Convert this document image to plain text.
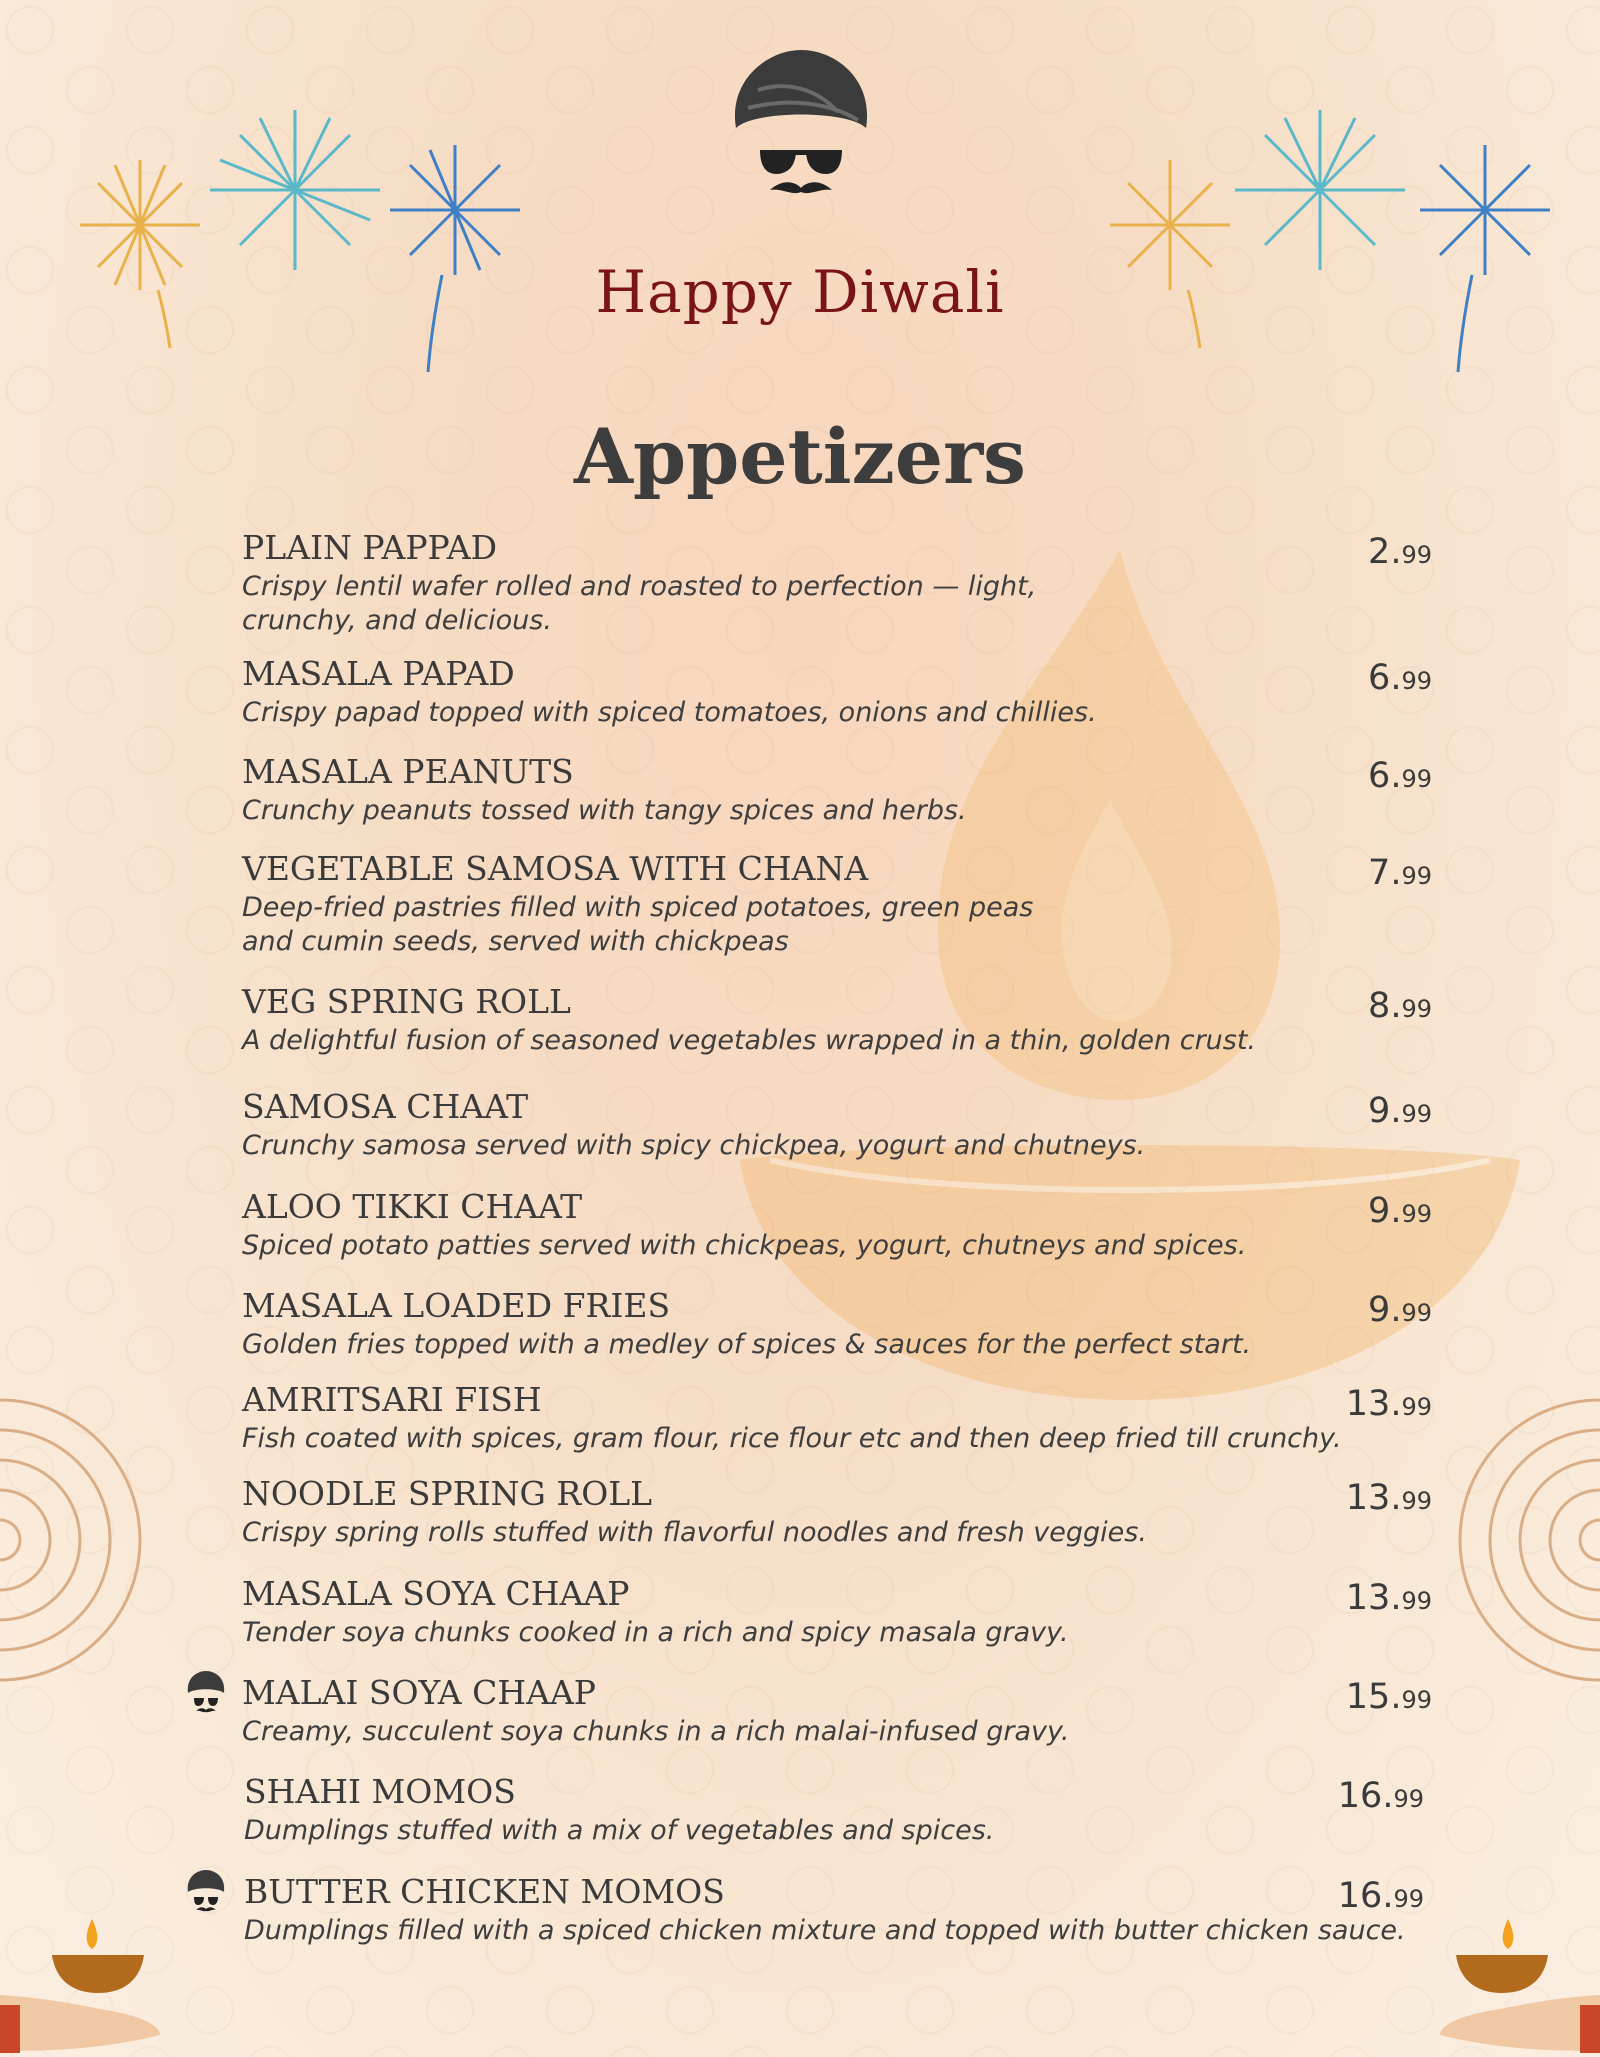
Happy Diwali
Appetizers
PLAIN PAPPAD
Crispy lentil wafer rolled and roasted to perfection — light,
crunchy, and delicious.
2.99
MASALA PAPAD
Crispy papad topped with spiced tomatoes, onions and chillies.
6.99
MASALA PEANUTS
Crunchy peanuts tossed with tangy spices and herbs.
6.99
VEGETABLE SAMOSA WITH CHANA
Deep-fried pastries filled with spiced potatoes, green peas
and cumin seeds, served with chickpeas
7.99
VEG SPRING ROLL
A delightful fusion of seasoned vegetables wrapped in a thin, golden crust.
8.99
SAMOSA CHAAT
Crunchy samosa served with spicy chickpea, yogurt and chutneys.
9.99
ALOO TIKKI CHAAT
Spiced potato patties served with chickpeas, yogurt, chutneys and spices.
9.99
MASALA LOADED FRIES
Golden fries topped with a medley of spices & sauces for the perfect start.
9.99
AMRITSARI FISH
Fish coated with spices, gram flour, rice flour etc and then deep fried till crunchy.
13.99
NOODLE SPRING ROLL
Crispy spring rolls stuffed with flavorful noodles and fresh veggies.
13.99
MASALA SOYA CHAAP
Tender soya chunks cooked in a rich and spicy masala gravy.
13.99
MALAI SOYA CHAAP
Creamy, succulent soya chunks in a rich malai-infused gravy.
15.99
SHAHI MOMOS
Dumplings stuffed with a mix of vegetables and spices.
16.99
BUTTER CHICKEN MOMOS
Dumplings filled with a spiced chicken mixture and topped with butter chicken sauce.
16.99
